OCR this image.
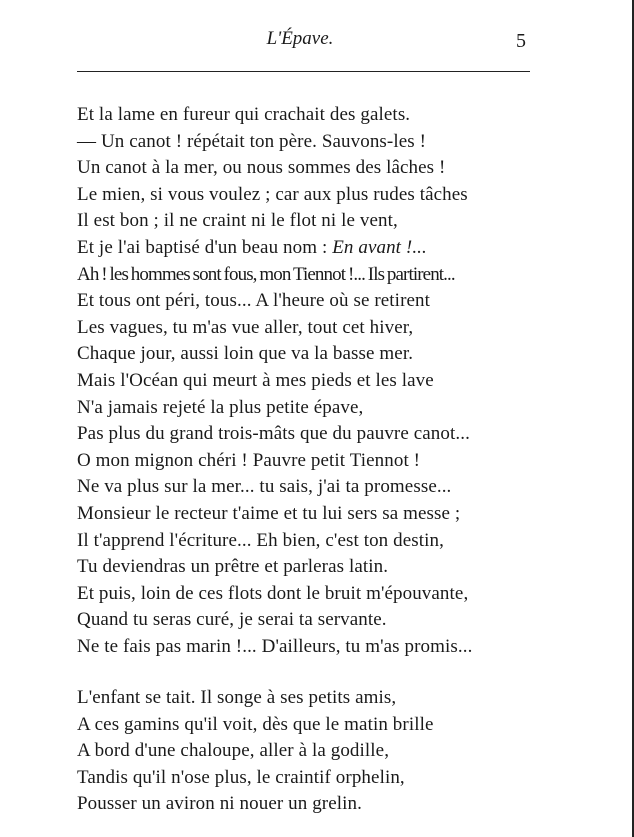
L'Épave.	5
Et la lame en fureur qui crachait des galets.
— Un canot ! répétait ton père. Sauvons-les !
Un canot à la mer, ou nous sommes des lâches !
Le mien, si vous voulez ; car aux plus rudes tâches
Il est bon ; il ne craint ni le flot ni le vent,
Et je l'ai baptisé d'un beau nom : En avant !...
Ah ! les hommes sont fous, mon Tiennot !... Ils partirent...
Et tous ont péri, tous... A l'heure où se retirent
Les vagues, tu m'as vue aller, tout cet hiver,
Chaque jour, aussi loin que va la basse mer.
Mais l'Océan qui meurt à mes pieds et les lave
N'a jamais rejeté la plus petite épave,
Pas plus du grand trois-mâts que du pauvre canot...
O mon mignon chéri ! Pauvre petit Tiennot !
Ne va plus sur la mer... tu sais, j'ai ta promesse...
Monsieur le recteur t'aime et tu lui sers sa messe ;
Il t'apprend l'écriture... Eh bien, c'est ton destin,
Tu deviendras un prêtre et parleras latin.
Et puis, loin de ces flots dont le bruit m'épouvante,
Quand tu seras curé, je serai ta servante.
Ne te fais pas marin !... D'ailleurs, tu m'as promis...
L'enfant se tait. Il songe à ses petits amis,
A ces gamins qu'il voit, dès que le matin brille
A bord d'une chaloupe, aller à la godille,
Tandis qu'il n'ose plus, le craintif orphelin,
Pousser un aviron ni nouer un grelin.
